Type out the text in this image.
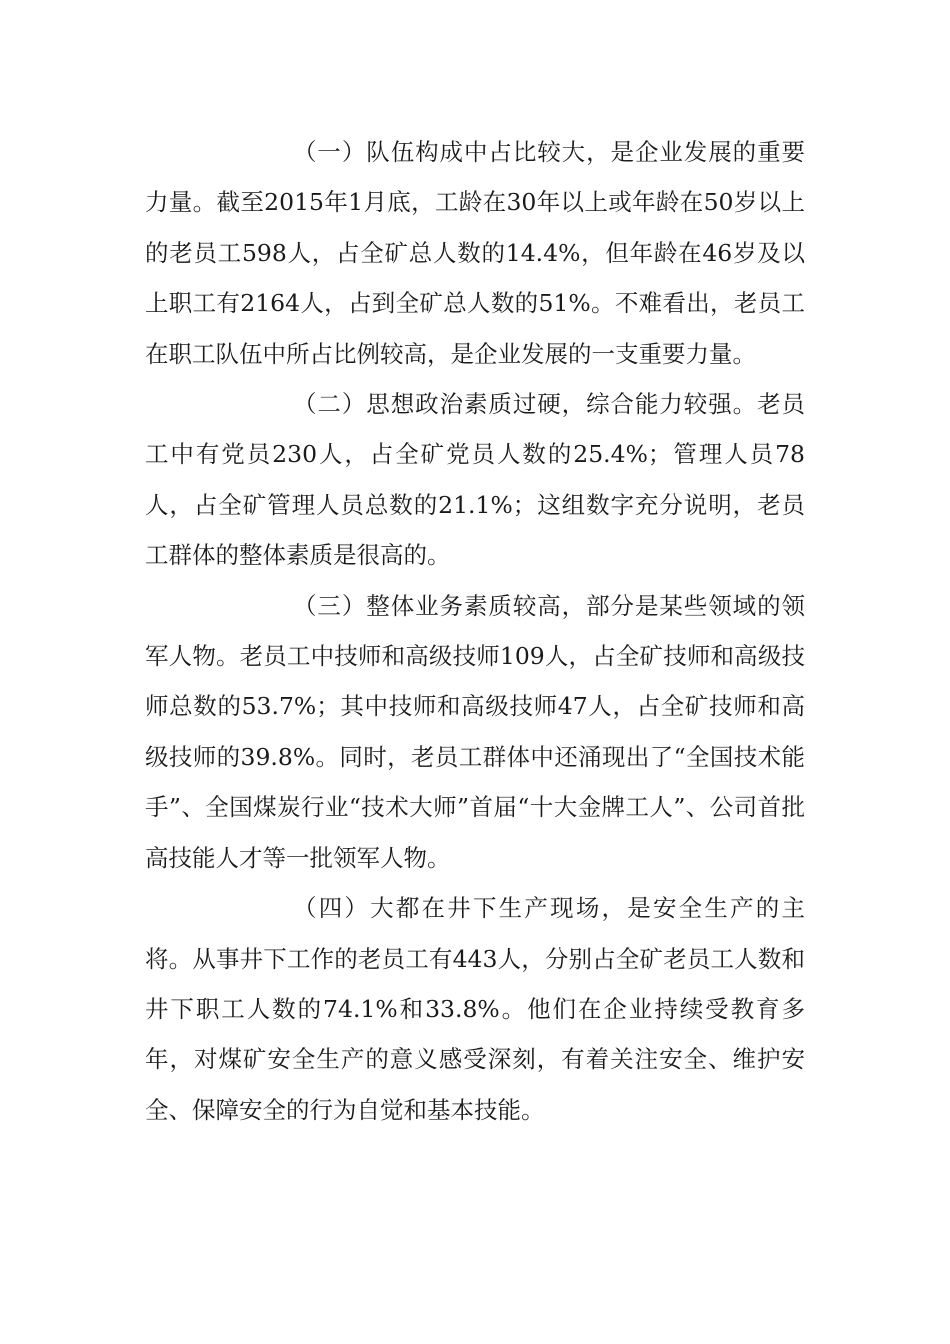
（一）队伍构成中占比较大，是企业发展的重要力量。截至2015年1月底，工龄在30年以上或年龄在50岁以上的老员工598人，占全矿总人数的14.4%，但年龄在46岁及以上职工有2164人，占到全矿总人数的51%。不难看出，老员工在职工队伍中所占比例较高，是企业发展的一支重要力量。

（二）思想政治素质过硬，综合能力较强。老员工中有党员230人，占全矿党员人数的25.4%；管理人员78人，占全矿管理人员总数的21.1%；这组数字充分说明，老员工群体的整体素质是很高的。

（三）整体业务素质较高，部分是某些领域的领军人物。老员工中技师和高级技师109人，占全矿技师和高级技师总数的53.7%；其中技师和高级技师47人，占全矿技师和高级技师的39.8%。同时，老员工群体中还涌现出了“全国技术能手”、全国煤炭行业“技术大师”首届“十大金牌工人”、公司首批高技能人才等一批领军人物。

（四）大都在井下生产现场，是安全生产的主将。从事井下工作的老员工有443人，分别占全矿老员工人数和井下职工人数的74.1%和33.8%。他们在企业持续受教育多年，对煤矿安全生产的意义感受深刻，有着关注安全、维护安全、保障安全的行为自觉和基本技能。
